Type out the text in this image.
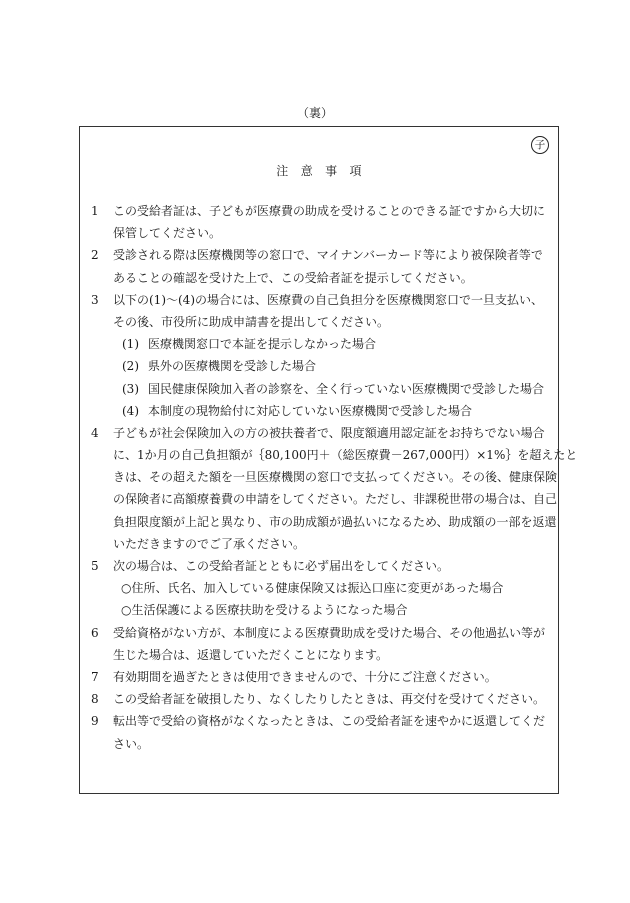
（裏）
子
注　意　事　項
1 この受給者証は、子どもが医療費の助成を受けることのできる証ですから大切に
保管してください。
2 受診される際は医療機関等の窓口で、マイナンバーカード等により被保険者等で
あることの確認を受けた上で、この受給者証を提示してください。
3 以下の(1)～(4)の場合には、医療費の自己負担分を医療機関窓口で一旦支払い、
その後、市役所に助成申請書を提出してください。
(1) 医療機関窓口で本証を提示しなかった場合
(2) 県外の医療機関を受診した場合
(3) 国民健康保険加入者の診察を、全く行っていない医療機関で受診した場合
(4) 本制度の現物給付に対応していない医療機関で受診した場合
4 子どもが社会保険加入の方の被扶養者で、限度額適用認定証をお持ちでない場合
に、1か月の自己負担額が｛80,100円＋（総医療費－267,000円）×1%｝を超えたと
きは、その超えた額を一旦医療機関の窓口で支払ってください。その後、健康保険
の保険者に高額療養費の申請をしてください。ただし、非課税世帯の場合は、自己
負担限度額が上記と異なり、市の助成額が過払いになるため、助成額の一部を返還
いただきますのでご了承ください。
5 次の場合は、この受給者証とともに必ず届出をしてください。
○住所、氏名、加入している健康保険又は振込口座に変更があった場合
○生活保護による医療扶助を受けるようになった場合
6 受給資格がない方が、本制度による医療費助成を受けた場合、その他過払い等が
生じた場合は、返還していただくことになります。
7 有効期間を過ぎたときは使用できませんので、十分にご注意ください。
8 この受給者証を破損したり、なくしたりしたときは、再交付を受けてください。
9 転出等で受給の資格がなくなったときは、この受給者証を速やかに返還してくだ
さい。
